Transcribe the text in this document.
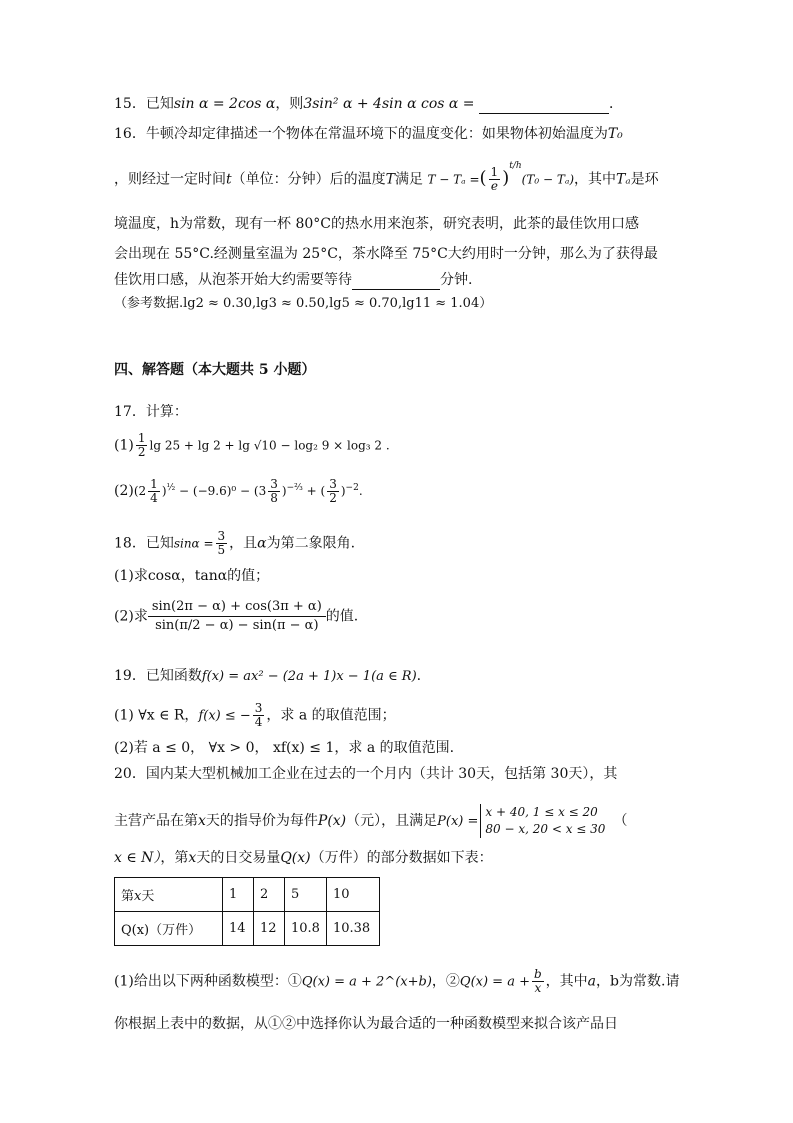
15．已知sin α = 2cos α，则3sin² α + 4sin α cos α =	．
16．牛顿冷却定律描述一个物体在常温环境下的温度变化：如果物体初始温度为T₀
，则经过一定时间t（单位：分钟）后的温度T满足 T − Tₐ =( $\frac{1}{e} )^{t/h}(T_0 - T_a)$，其中Tₐ是环
境温度，h为常数，现有一杯 80°C的热水用来泡茶，研究表明，此茶的最佳饮用口感
会出现在 55°C.经测量室温为 25°C，茶水降至 75°C大约用时一分钟，那么为了获得最
佳饮用口感，从泡茶开始大约需要等待	分钟.
（参考数据.lg2 ≈ 0.30,lg3 ≈ 0.50,lg5 ≈ 0.70,lg11 ≈ 1.04）
四、解答题（本大题共 5 小题）
17．计算：
$(1) \frac{1}{2}$ lg 25 + lg 2 + lg √10 − log₂ 9 × log₃ 2 .
$(2)(2 \frac{1}{4} )^{\frac{1}{2}} - (-9.6)^0 - (3 \frac{3}{8} )^{-\frac{2}{3}}$ + ( $\frac{3}{2} )^{-2}$.
18．已知$\sin\alpha = \frac{3}{5}$ ，且α为第二象限角.
(1)求cosα，tanα的值；
(2)求 $\frac{\sin(2\pi - \alpha) + \cos(3\pi + \alpha)}{\sin(\pi/2 - \alpha) - \sin(\pi - \alpha)}$ 的值.
19．已知函数f(x) = ax² − (2a + 1)x − 1(a ∈ R).
(1) ∀x ∈ R，f(x) ≤ − $\frac{3}{4}$ ，求 a 的取值范围；
(2)若 a ≤ 0， ∀x > 0， xf(x) ≤ 1，求 a 的取值范围.
20．国内某大型机械加工企业在过去的一个月内（共计 30天，包括第 30天），其
主营产品在第x天的指导价为每件P(x)（元），且满足P(x) =
x + 40, 1 ≤ x ≤ 20
80 − x, 20 < x ≤ 30 （
x ∈ N），第x天的日交易量Q(x)（万件）的部分数据如下表：
第x天	1	2	5	10
Q(x)（万件）	14	12	10.8	10.38
(1)给出以下两种函数模型：①Q(x) = a + 2^(x+b)，②Q(x) = $a + \frac{b}{x}$ ，其中a，b为常数.请
你根据上表中的数据，从①②中选择你认为最合适的一种函数模型来拟合该产品日
